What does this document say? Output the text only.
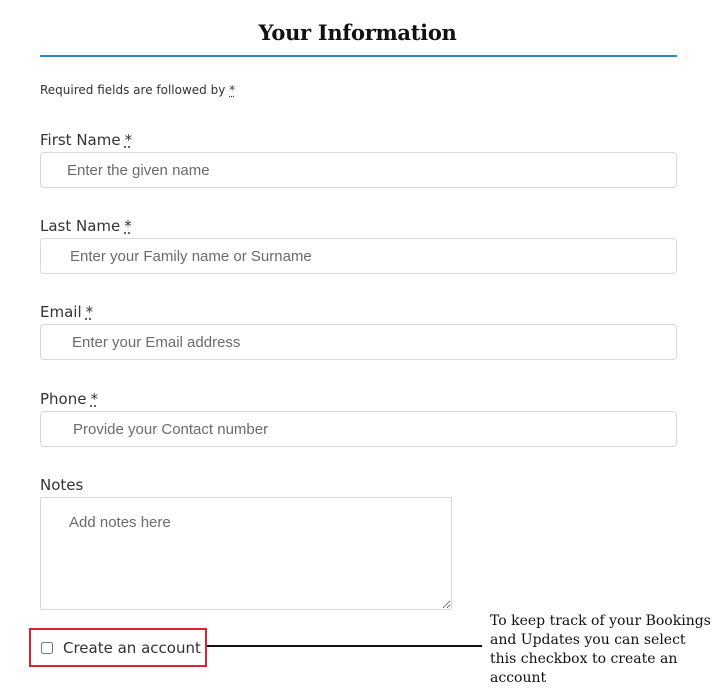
Your Information
Required fields are followed by *
First Name *
Enter the given name
Last Name *
Enter your Family name or Surname
Email *
Enter your Email address
Phone *
Provide your Contact number
Notes
Add notes here
Create an account
To keep track of your Bookings and Updates you can select this checkbox to create an account
